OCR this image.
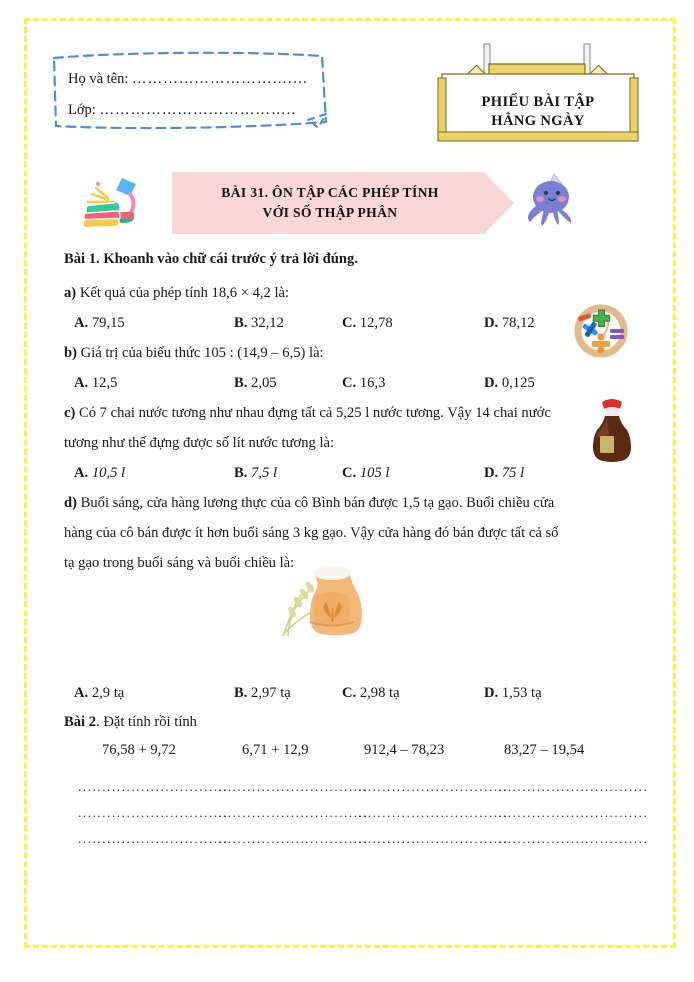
Họ và tên: ………………………….…
Lớp: ………………………………..	PHIẾU BÀI TẬP
HẰNG NGÀY
BÀI 31. ÔN TẬP CÁC PHÉP TÍNH
VỚI SỐ THẬP PHÂN
Bài 1. Khoanh vào chữ cái trước ý trả lời đúng.
a) Kết quả của phép tính 18,6 × 4,2 là:
A. 79,15	B. 32,12	C. 12,78	D. 78,12
b) Giá trị của biểu thức 105 : (14,9 – 6,5) là:
A. 12,5	B. 2,05	C. 16,3	D. 0,125
c) Có 7 chai nước tương như nhau đựng tất cả 5,25 l nước tương. Vậy 14 chai nước
tương như thế đựng được số lít nước tương là:
A. 10,5 l	B. 7,5 l	C. 105 l	D. 75 l
d) Buổi sáng, cửa hàng lương thực của cô Bình bán được 1,5 tạ gạo. Buổi chiều cửa
hàng của cô bán được ít hơn buổi sáng 3 kg gạo. Vậy cửa hàng đó bán được tất cả số
tạ gạo trong buổi sáng và buổi chiều là:
A. 2,9 tạ	B. 2,97 tạ	C. 2,98 tạ	D. 1,53 tạ
Bài 2. Đặt tính rồi tính
76,58 + 9,72	6,71 + 12,9	912,4 – 78,23	83,27 – 19,54
...............................
...............................
...............................
...............................
...............................
...............................
...............................
...............................
...............................
...............................
...............................
...............................
